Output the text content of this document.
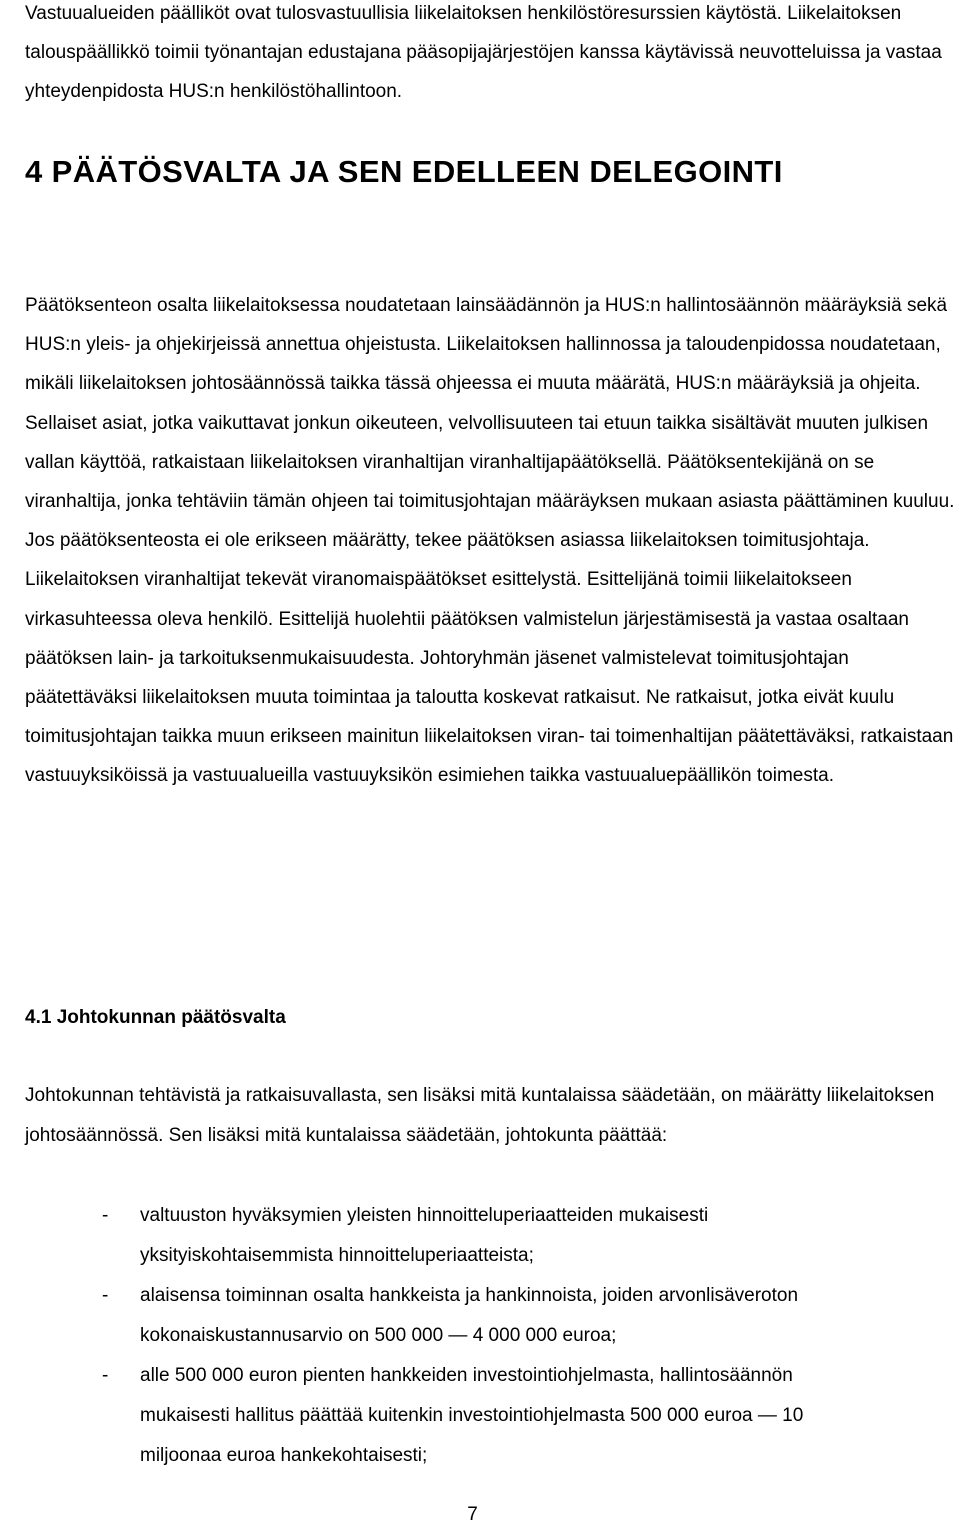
Vastuualueiden päälliköt ovat tulosvastuullisia liikelaitoksen henkilöstöresurssien käytöstä. Liikelaitoksen talouspäällikkö toimii työnantajan edustajana pääsopijajärjestöjen kanssa käytävissä neuvotteluissa ja vastaa yhteydenpidosta HUS:n henkilöstöhallintoon.

4 PÄÄTÖSVALTA JA SEN EDELLEEN DELEGOINTI

Päätöksenteon osalta liikelaitoksessa noudatetaan lainsäädännön ja HUS:n hallintosäännön määräyksiä sekä HUS:n yleis- ja ohjekirjeissä annettua ohjeistusta. Liikelaitoksen hallinnossa ja taloudenpidossa noudatetaan, mikäli liikelaitoksen johtosäännössä taikka tässä ohjeessa ei muuta määrätä, HUS:n määräyksiä ja ohjeita. Sellaiset asiat, jotka vaikuttavat jonkun oikeuteen, velvollisuuteen tai etuun taikka sisältävät muuten julkisen vallan käyttöä, ratkaistaan liikelaitoksen viranhaltijan viranhaltijapäätöksellä. Päätöksentekijänä on se viranhaltija, jonka tehtäviin tämän ohjeen tai toimitusjohtajan määräyksen mukaan asiasta päättäminen kuuluu. Jos päätöksenteosta ei ole erikseen määrätty, tekee päätöksen asiassa liikelaitoksen toimitusjohtaja. Liikelaitoksen viranhaltijat tekevät viranomaispäätökset esittelystä. Esittelijänä toimii liikelaitokseen virkasuhteessa oleva henkilö. Esittelijä huolehtii päätöksen valmistelun järjestämisestä ja vastaa osaltaan päätöksen lain- ja tarkoituksenmukaisuudesta. Johtoryhmän jäsenet valmistelevat toimitusjohtajan päätettäväksi liikelaitoksen muuta toimintaa ja taloutta koskevat ratkaisut. Ne ratkaisut, jotka eivät kuulu toimitusjohtajan taikka muun erikseen mainitun liikelaitoksen viran- tai toimenhaltijan päätettäväksi, ratkaistaan vastuuyksiköissä ja vastuualueilla vastuuyksikön esimiehen taikka vastuualuepäällikön toimesta.

4.1 Johtokunnan päätösvalta

Johtokunnan tehtävistä ja ratkaisuvallasta, sen lisäksi mitä kuntalaissa säädetään, on määrätty liikelaitoksen johtosäännössä. Sen lisäksi mitä kuntalaissa säädetään, johtokunta päättää:

- valtuuston hyväksymien yleisten hinnoitteluperiaatteiden mukaisesti yksityiskohtaisemmista hinnoitteluperiaatteista;
- alaisensa toiminnan osalta hankkeista ja hankinnoista, joiden arvonlisäveroton kokonaiskustannusarvio on 500 000 — 4 000 000 euroa;
- alle 500 000 euron pienten hankkeiden investointiohjelmasta, hallintosäännön mukaisesti hallitus päättää kuitenkin investointiohjelmasta 500 000 euroa — 10 miljoonaa euroa hankekohtaisesti;

7
